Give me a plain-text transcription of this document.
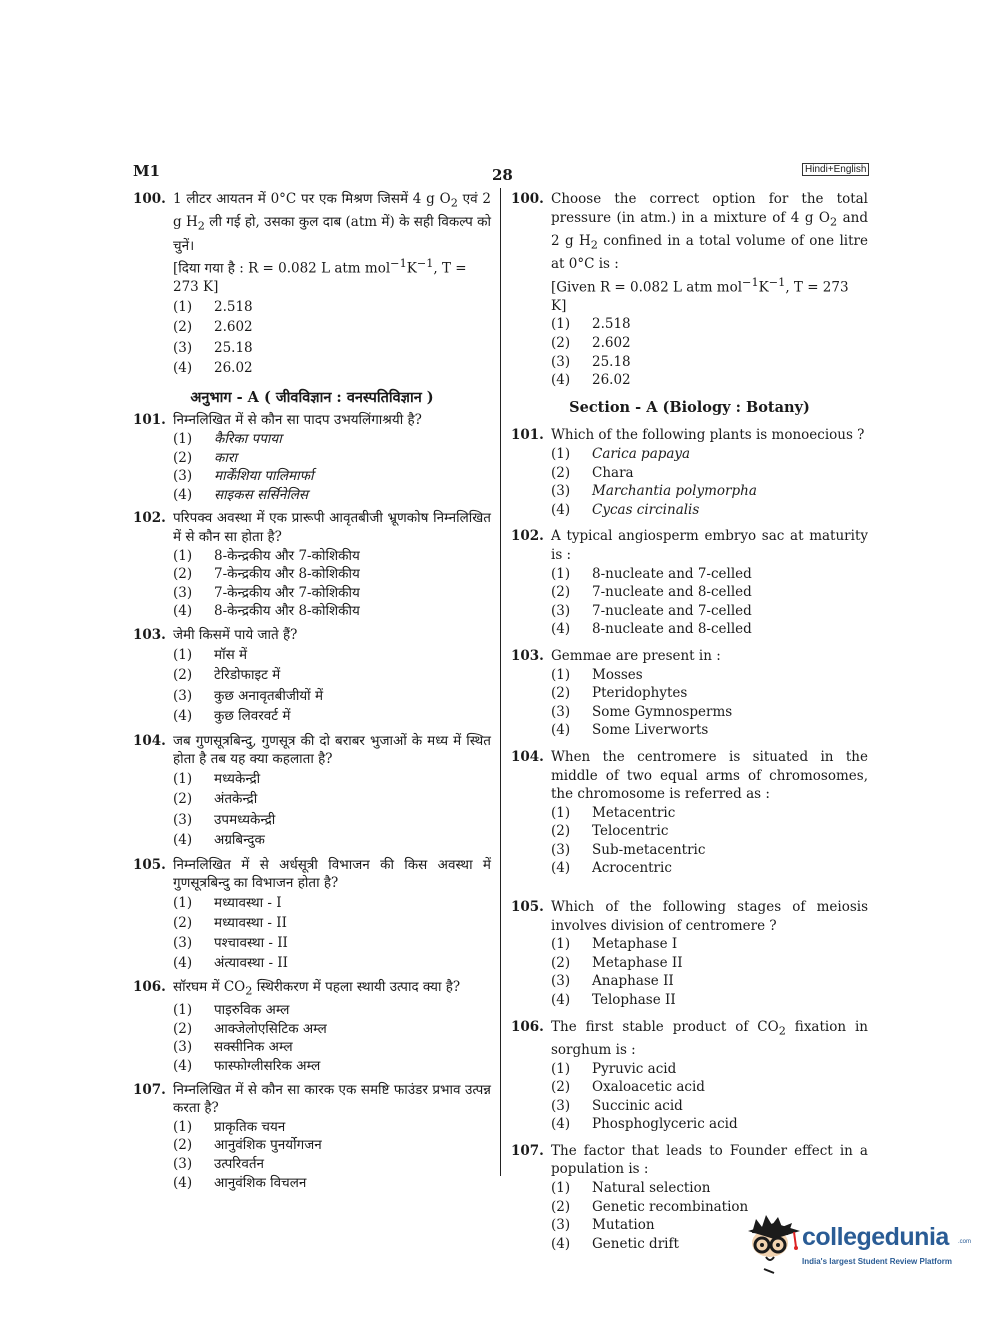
M1	28	Hindi+English
100. 1 लीटर आयतन में 0°C पर एक मिश्रण जिसमें 4 g $O_2$ एवं 2 g $H_2$ ली गई हो, उसका कुल दाब (atm में) के सही विकल्प को चुनें।
[दिया गया है : R = 0.082 L atm $mol^{-1}K^{-1}$, T = 273 K]
(1) 2.518
(2) 2.602
(3) 25.18
(4) 26.02
अनुभाग - A ( जीवविज्ञान : वनस्पतिविज्ञान )
101. निम्नलिखित में से कौन सा पादप उभयलिंगाश्रयी है?
(1) कैरिका पपाया
(2) कारा
(3) मार्केंशिया पालिमार्फा
(4) साइकस सर्सिनेलिस
102. परिपक्व अवस्था में एक प्रारूपी आवृतबीजी भ्रूणकोष निम्नलिखित में से कौन सा होता है?
(1) 8-केन्द्रकीय और 7-कोशिकीय
(2) 7-केन्द्रकीय और 8-कोशिकीय
(3) 7-केन्द्रकीय और 7-कोशिकीय
(4) 8-केन्द्रकीय और 8-कोशिकीय
103. जेमी किसमें पाये जाते हैं?
(1) मॉस में
(2) टेरिडोफाइट में
(3) कुछ अनावृतबीजीयों में
(4) कुछ लिवरवर्ट में
104. जब गुणसूत्रबिन्दु, गुणसूत्र की दो बराबर भुजाओं के मध्य में स्थित होता है तब यह क्या कहलाता है?
(1) मध्यकेन्द्री
(2) अंतकेन्द्री
(3) उपमध्यकेन्द्री
(4) अग्रबिन्दुक
105. निम्नलिखित में से अर्धसूत्री विभाजन की किस अवस्था में गुणसूत्रबिन्दु का विभाजन होता है?
(1) मध्यावस्था - I
(2) मध्यावस्था - II
(3) पश्चावस्था - II
(4) अंत्यावस्था - II
106. सॉरघम में $CO_2$ स्थिरीकरण में पहला स्थायी उत्पाद क्या है?
(1) पाइरुविक अम्ल
(2) आक्जेलोएसिटिक अम्ल
(3) सक्सीनिक अम्ल
(4) फास्फोग्लीसरिक अम्ल
107. निम्नलिखित में से कौन सा कारक एक समष्टि फाउंडर प्रभाव उत्पन्न करता है?
(1) प्राकृतिक चयन
(2) आनुवंशिक पुनर्योगजन
(3) उत्परिवर्तन
(4) आनुवंशिक विचलन
100. Choose the correct option for the total pressure (in atm.) in a mixture of 4 g $O_2$ and 2 g $H_2$ confined in a total volume of one litre at 0°C is :
[Given R = 0.082 L atm $mol^{-1}K^{-1}$, T = 273 K]
(1) 2.518
(2) 2.602
(3) 25.18
(4) 26.02
Section - A (Biology : Botany)
101. Which of the following plants is monoecious ?
(1) Carica papaya
(2) Chara
(3) Marchantia polymorpha
(4) Cycas circinalis
102. A typical angiosperm embryo sac at maturity is :
(1) 8-nucleate and 7-celled
(2) 7-nucleate and 8-celled
(3) 7-nucleate and 7-celled
(4) 8-nucleate and 8-celled
103. Gemmae are present in :
(1) Mosses
(2) Pteridophytes
(3) Some Gymnosperms
(4) Some Liverworts
104. When the centromere is situated in the middle of two equal arms of chromosomes, the chromosome is referred as :
(1) Metacentric
(2) Telocentric
(3) Sub-metacentric
(4) Acrocentric
105. Which of the following stages of meiosis involves division of centromere ?
(1) Metaphase I
(2) Metaphase II
(3) Anaphase II
(4) Telophase II
106. The first stable product of $CO_2$ fixation in sorghum is :
(1) Pyruvic acid
(2) Oxaloacetic acid
(3) Succinic acid
(4) Phosphoglyceric acid
107. The factor that leads to Founder effect in a population is :
(1) Natural selection
(2) Genetic recombination
(3) Mutation
(4) Genetic drift	collegedunia .com
India's largest Student Review Platform
